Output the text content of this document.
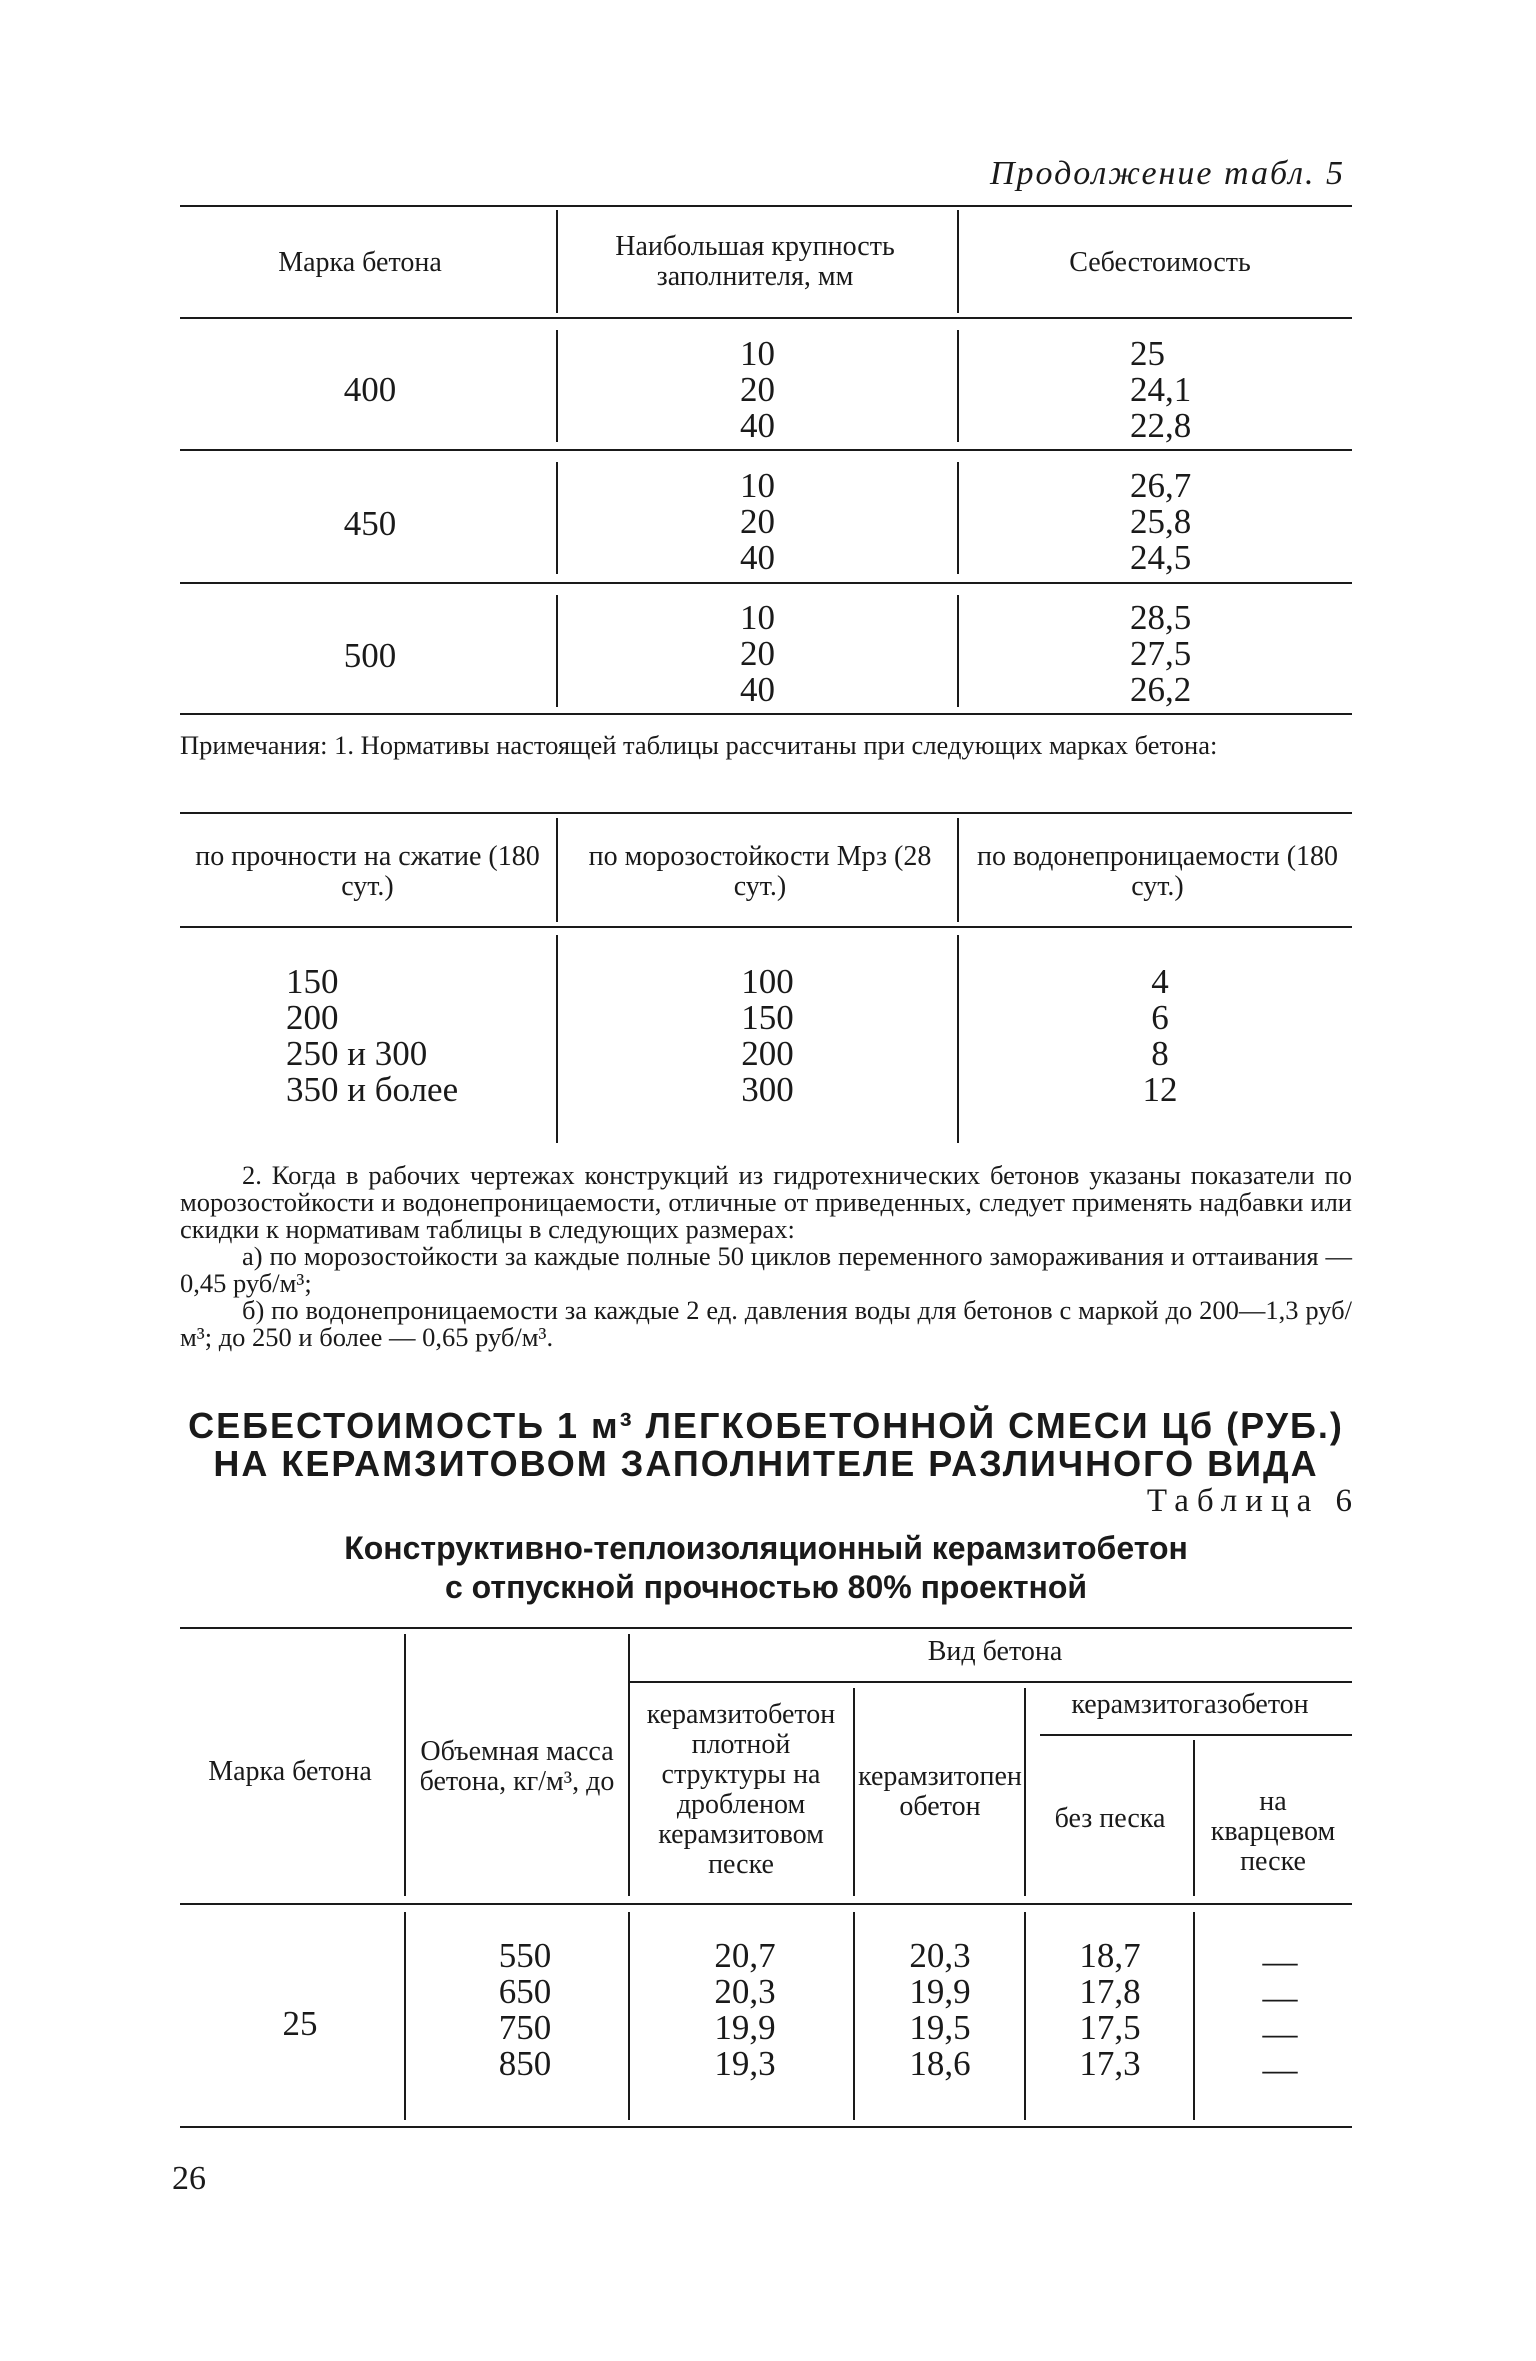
Продолжение табл. 5
Марка бетона
Наибольшая крупность заполнителя, мм	Себестоимость
400
10
20
40
25
24,1
22,8
450
10
20
40
26,7
25,8
24,5
500
10
20
40
28,5
27,5
26,2
Примечания: 1. Нормативы настоящей таблицы рассчитаны при следующих марках бетона:
по прочности на сжатие (180 сут.)
по морозостойкости Мрз (28 сут.)
по водонепроницаемости (180 сут.)
150
200
250 и 300
350 и более
100
150
200
300
4
6
8
12
2. Когда в рабочих чертежах конструкций из гидротехнических бетонов указаны показатели по морозостойкости и водонепроницаемости, отличные от приведенных, следует применять надбавки или скидки к нормативам таблицы в следующих размерах:
а) по морозостойкости за каждые полные 50 циклов переменного замораживания и оттаивания — 0,45 руб/м³;
б) по водонепроницаемости за каждые 2 ед. давления воды для бетонов с маркой до 200—1,3 руб/м³; до 250 и более — 0,65 руб/м³.
СЕБЕСТОИМОСТЬ 1 м³ ЛЕГКОБЕТОННОЙ СМЕСИ Цб (РУБ.)
НА КЕРАМЗИТОВОМ ЗАПОЛНИТЕЛЕ РАЗЛИЧНОГО ВИДА
Таблица 6
Конструктивно-теплоизоляционный керамзитобетон
с отпускной прочностью 80% проектной
Марка бетона
Объемная масса бетона, кг/м³, до
Вид бетона
керамзитобетон плотной структуры на дробленом керамзитовом песке
керамзитопенобетон
керамзитогазобетон
без песка
на кварцевом песке
25
550
650
750
850
20,7
20,3
19,9
19,3
20,3
19,9
19,5
18,6
18,7
17,8
17,5
17,3
—
—
—
—
26
